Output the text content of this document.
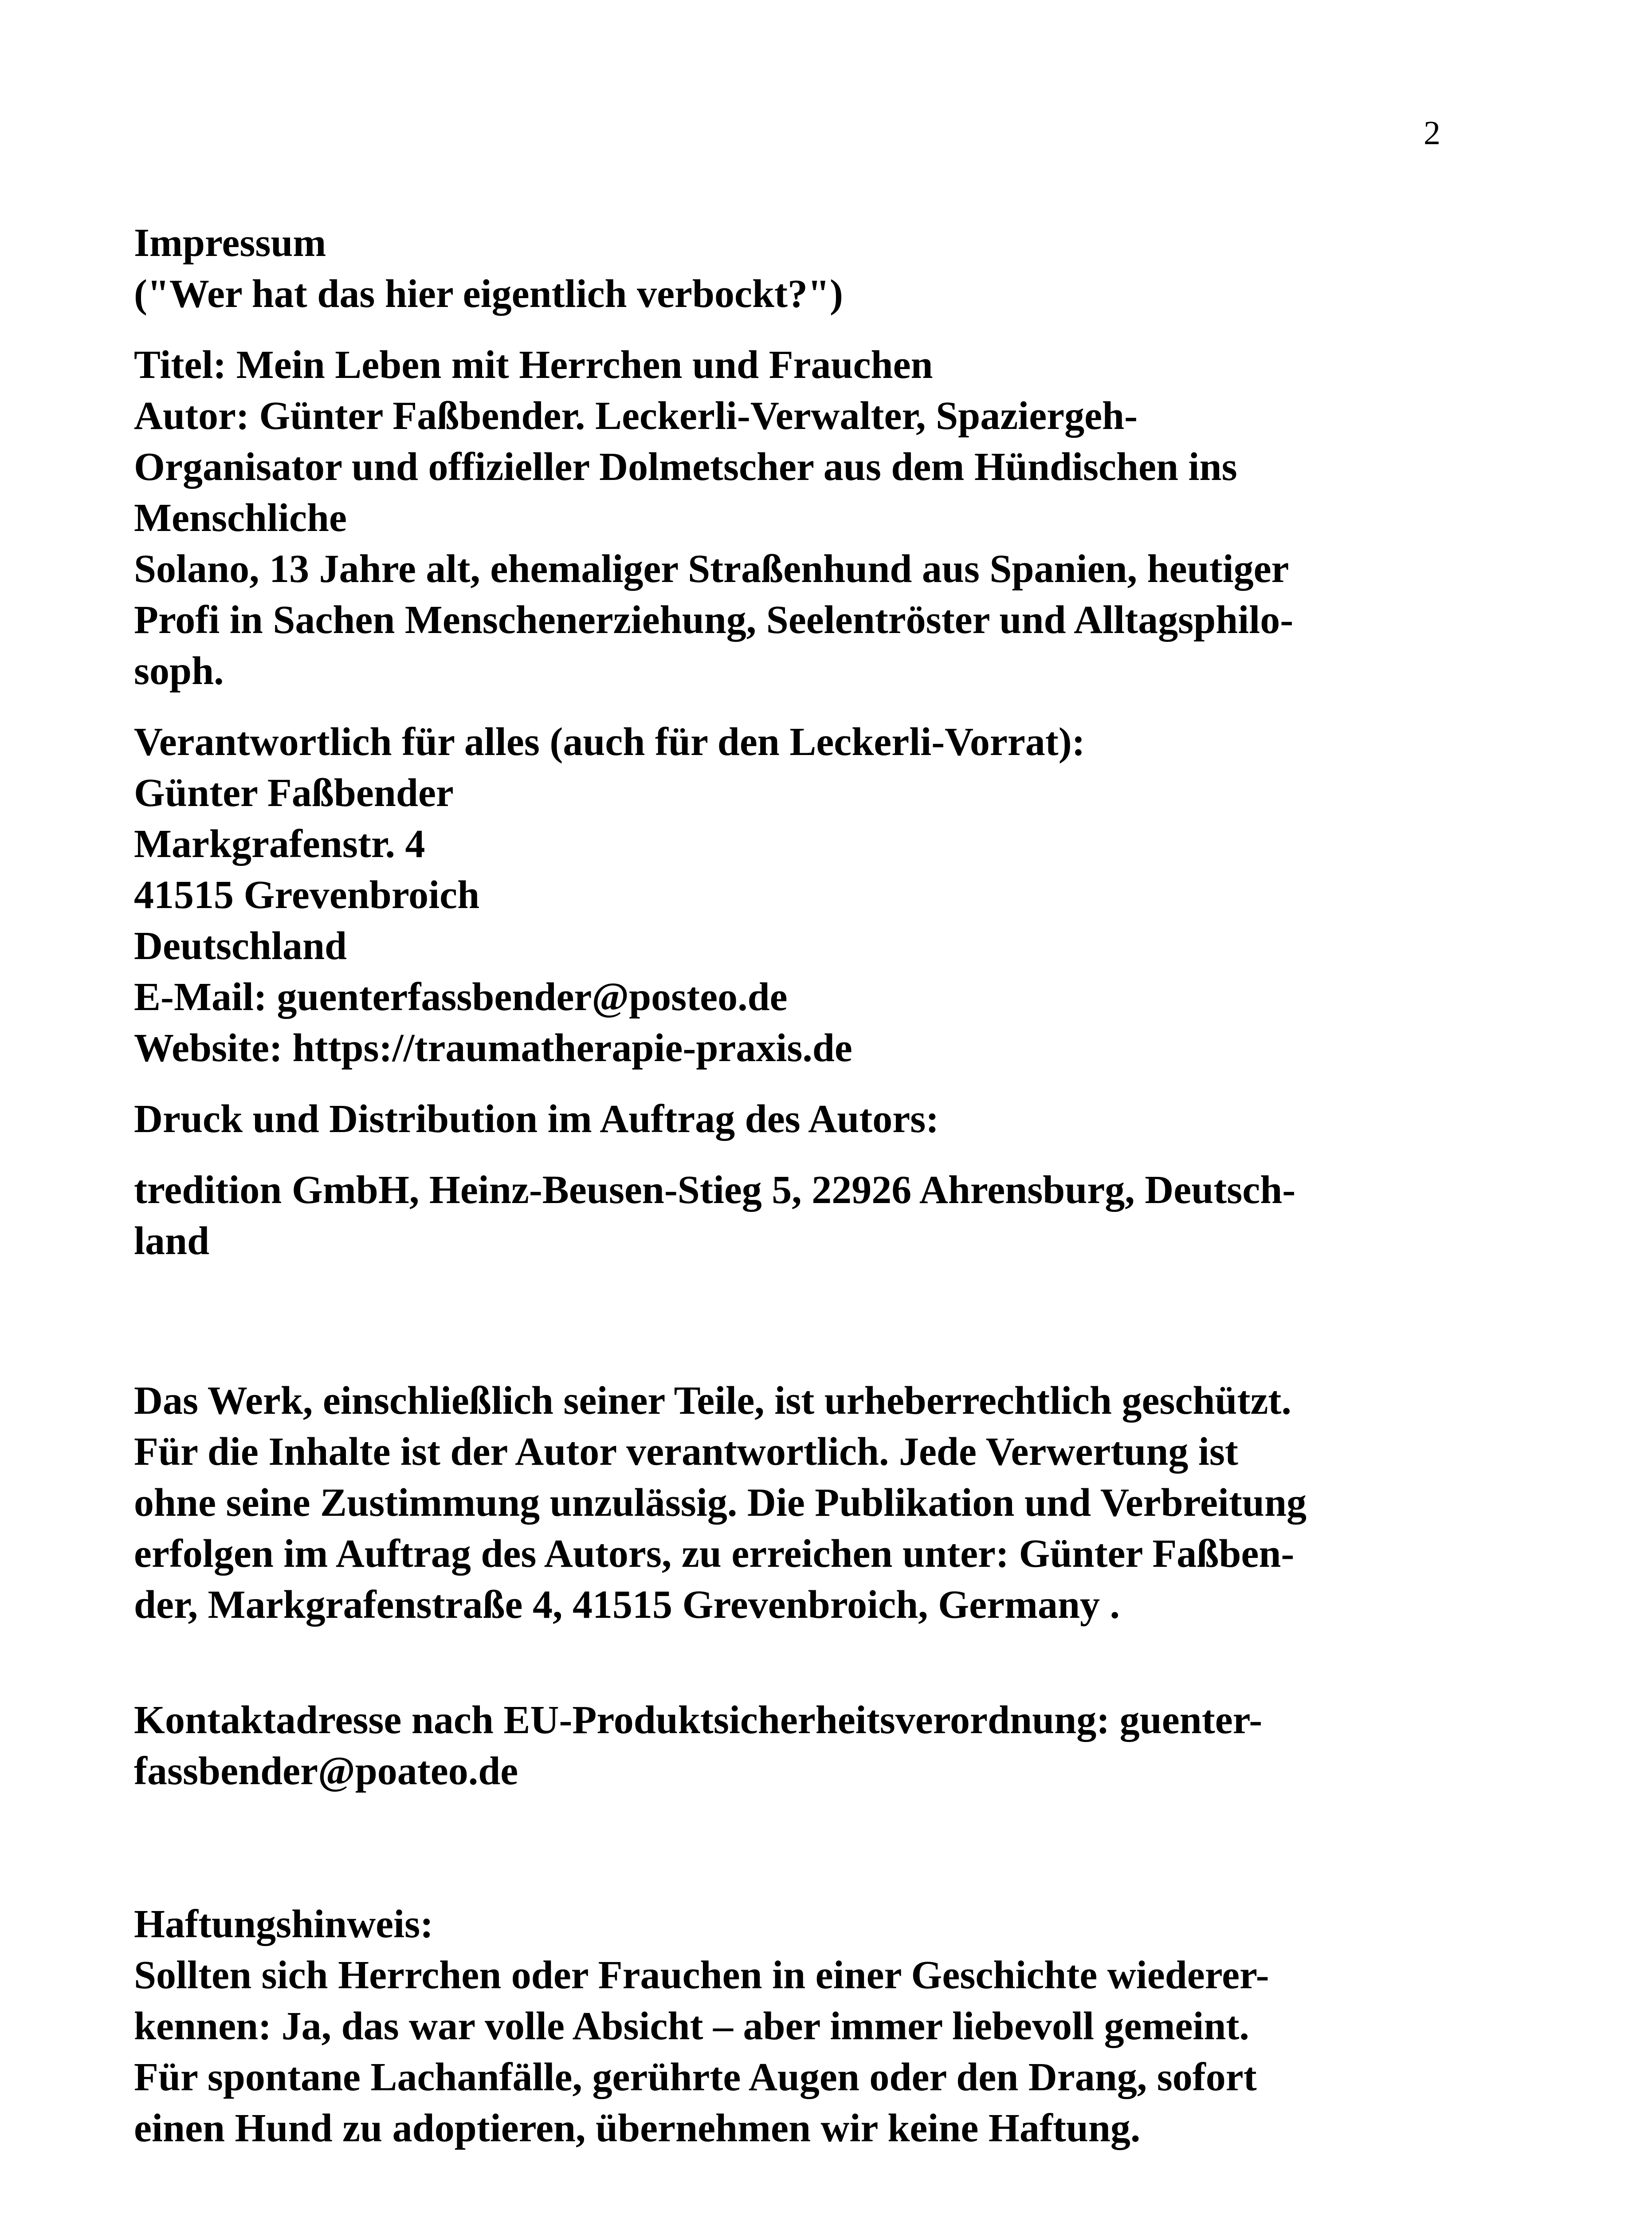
2
Impressum
("Wer hat das hier eigentlich verbockt?")
Titel: Mein Leben mit Herrchen und Frauchen
Autor: Günter Faßbender. Leckerli-Verwalter, Spaziergeh-
Organisator und offizieller Dolmetscher aus dem Hündischen ins
Menschliche
Solano, 13 Jahre alt, ehemaliger Straßenhund aus Spanien, heutiger
Profi in Sachen Menschenerziehung, Seelentröster und Alltagsphilo-
soph.
Verantwortlich für alles (auch für den Leckerli-Vorrat):
Günter Faßbender
Markgrafenstr. 4
41515 Grevenbroich
Deutschland
E-Mail: guenterfassbender@posteo.de
Website: https://traumatherapie-praxis.de
Druck und Distribution im Auftrag des Autors:
tredition GmbH, Heinz-Beusen-Stieg 5, 22926 Ahrensburg, Deutsch-
land
Das Werk, einschließlich seiner Teile, ist urheberrechtlich geschützt.
Für die Inhalte ist der Autor verantwortlich. Jede Verwertung ist
ohne seine Zustimmung unzulässig. Die Publikation und Verbreitung
erfolgen im Auftrag des Autors, zu erreichen unter: Günter Faßben-
der, Markgrafenstraße 4, 41515 Grevenbroich, Germany .
Kontaktadresse nach EU-Produktsicherheitsverordnung: guenter-
fassbender@poateo.de
Haftungshinweis:
Sollten sich Herrchen oder Frauchen in einer Geschichte wiederer-
kennen: Ja, das war volle Absicht – aber immer liebevoll gemeint.
Für spontane Lachanfälle, gerührte Augen oder den Drang, sofort
einen Hund zu adoptieren, übernehmen wir keine Haftung.
